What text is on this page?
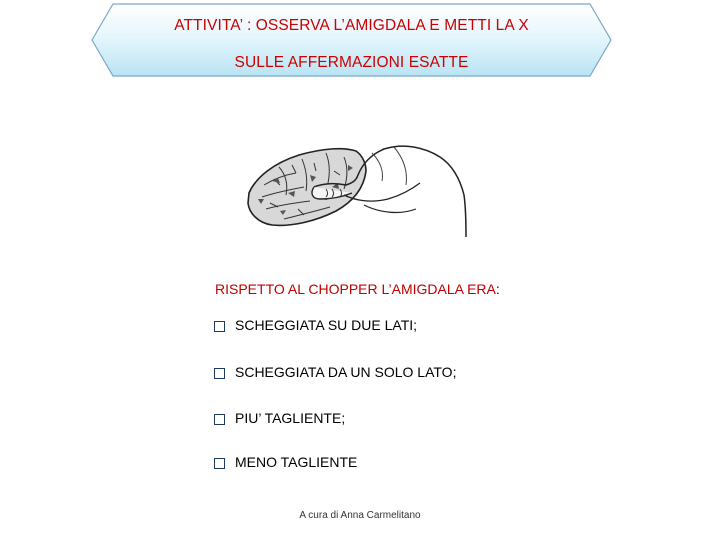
ATTIVITA’ : OSSERVA L’AMIGDALA E METTI LA X
SULLE AFFERMAZIONI ESATTE
RISPETTO AL CHOPPER L’AMIGDALA ERA:
SCHEGGIATA SU DUE LATI;
SCHEGGIATA DA UN SOLO LATO;
PIU’ TAGLIENTE;
MENO TAGLIENTE
A cura di Anna Carmelitano
